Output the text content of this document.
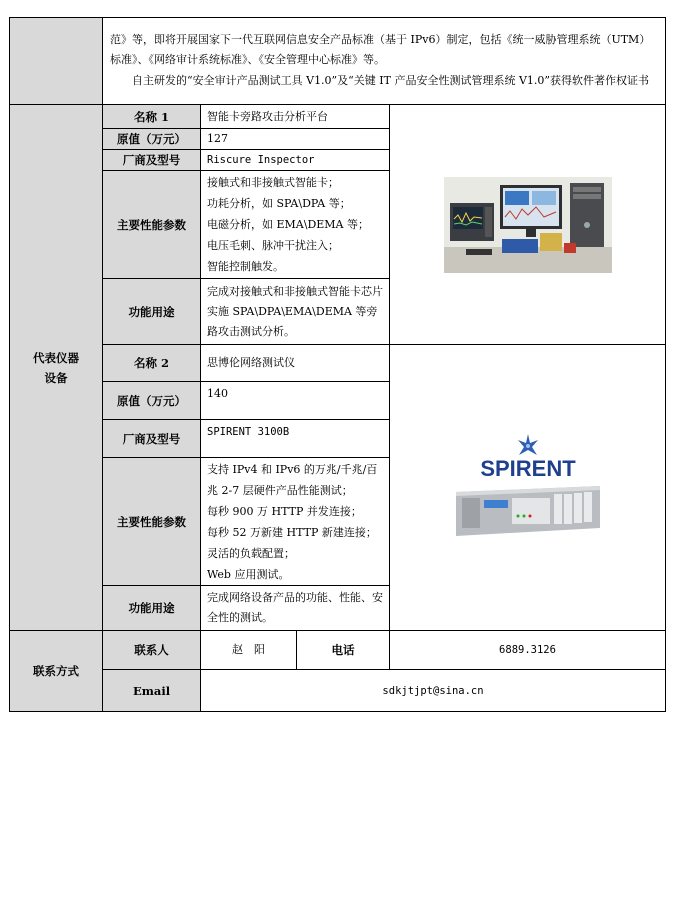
	范》等，即将开展国家下一代互联网信息安全产品标准（基于 IPv6）制定，包括《统一威胁管理系统（UTM）标准》、《网络审计系统标准》、《安全管理中心标准》等。

自主研发的“安全审计产品测试工具 V1.0”及“关键 IT 产品安全性测试管理系统 V1.0”获得软件著作权证书			

代表仪器设备	名称 1	智能卡旁路攻击分析平台	
	原值（万元）	127		
	厂商及型号	Riscure Inspector		
	主要性能参数	接触式和非接触式智能卡；
功耗分析，如 SPA\DPA 等；
电磁分析，如 EMA\DEMA 等；
电压毛刺、脉冲干扰注入；
智能控制触发。		

	功能用途	完成对接触式和非接触式智能卡芯片实施 SPA\DPA\EMA\DEMA 等旁路攻击测试分析。		
	名称 2	思博伦网络测试仪		SPIRENT

	原值（万元）	140		
	厂商及型号	SPIRENT 3100B		
	主要性能参数	支持 IPv4 和 IPv6 的万兆/千兆/百兆 2-7 层硬件产品性能测试；
每秒 900 万 HTTP 并发连接；
每秒 52 万新建 HTTP 新建连接；
灵活的负载配置；
Web 应用测试。		

	功能用途	完成网络设备产品的功能、性能、安全性的测试。		
联系方式	联系人	赵　阳	电话	6889.3126
	Email	sdkjtjpt@sina.cn		
